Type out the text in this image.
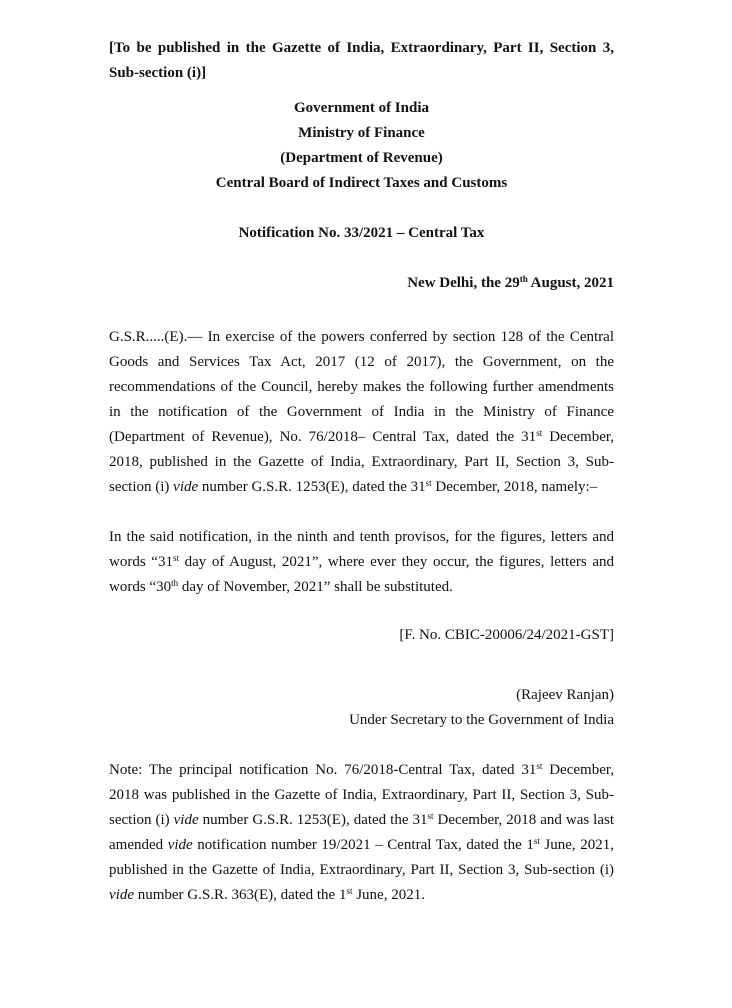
[To be published in the Gazette of India, Extraordinary, Part II, Section 3, Sub-section (i)]

Government of India

Ministry of Finance

(Department of Revenue)

Central Board of Indirect Taxes and Customs

Notification No. 33/2021 – Central Tax

New Delhi, the 29th August, 2021

G.S.R.....(E).— In exercise of the powers conferred by section 128 of the Central Goods and Services Tax Act, 2017 (12 of 2017), the Government, on the recommendations of the Council, hereby makes the following further amendments in the notification of the Government of India in the Ministry of Finance (Department of Revenue), No. 76/2018– Central Tax, dated the 31st December, 2018, published in the Gazette of India, Extraordinary, Part II, Section 3, Sub-section (i) vide number G.S.R. 1253(E), dated the 31st December, 2018, namely:–

In the said notification, in the ninth and tenth provisos, for the figures, letters and words “31st day of August, 2021”, where ever they occur, the figures, letters and words “30th day of November, 2021” shall be substituted.

[F. No. CBIC-20006/24/2021-GST]

(Rajeev Ranjan)

Under Secretary to the Government of India

Note: The principal notification No. 76/2018-Central Tax, dated 31st December, 2018 was published in the Gazette of India, Extraordinary, Part II, Section 3, Sub-section (i) vide number G.S.R. 1253(E), dated the 31st December, 2018 and was last amended vide notification number 19/2021 – Central Tax, dated the 1st June, 2021, published in the Gazette of India, Extraordinary, Part II, Section 3, Sub-section (i) vide number G.S.R. 363(E), dated the 1st June, 2021.
